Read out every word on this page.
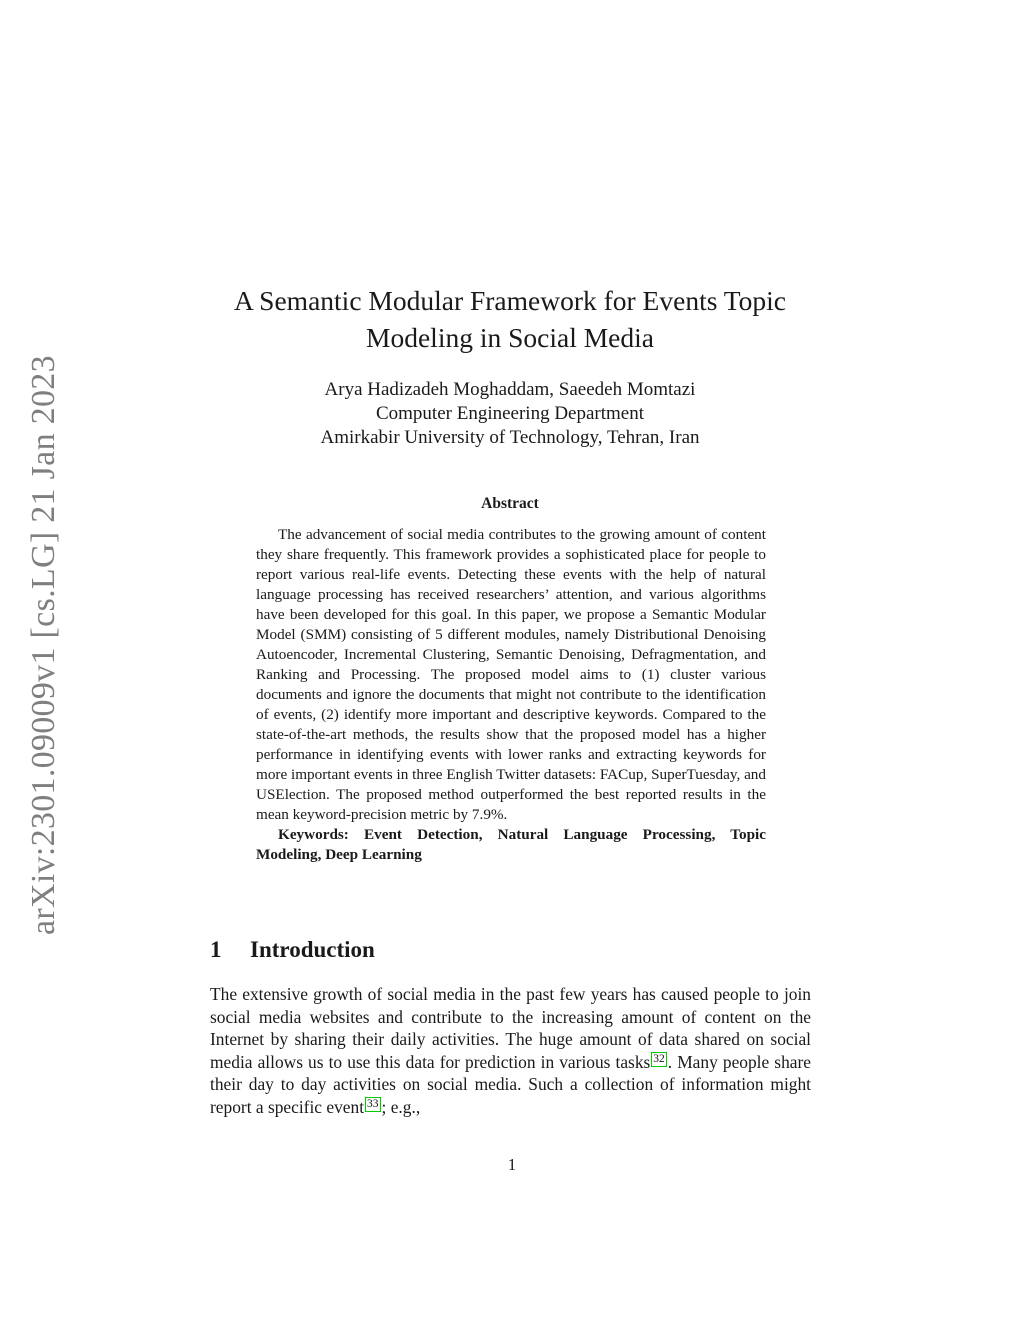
arXiv:2301.09009v1 [cs.LG] 21 Jan 2023
A Semantic Modular Framework for Events Topic
Modeling in Social Media
Arya Hadizadeh Moghaddam, Saeedeh Momtazi
Computer Engineering Department
Amirkabir University of Technology, Tehran, Iran
Abstract

The advancement of social media contributes to the growing amount of content they share frequently. This framework provides a sophisticated place for people to report various real-life events. Detecting these events with the help of natural language processing has received researchers’ attention, and various algorithms have been developed for this goal. In this paper, we propose a Semantic Modular Model (SMM) consisting of 5 different modules, namely Distributional Denoising Autoencoder, Incremental Clustering, Semantic Denoising, Defragmentation, and Ranking and Processing. The proposed model aims to (1) cluster various documents and ignore the documents that might not contribute to the identification of events, (2) identify more important and descriptive keywords. Compared to the state-of-the-art methods, the results show that the proposed model has a higher performance in identifying events with lower ranks and extracting keywords for more important events in three English Twitter datasets: FACup, SuperTuesday, and USElection. The proposed method outperformed the best reported results in the mean keyword-precision metric by 7.9%.

Keywords: Event Detection, Natural Language Processing, Topic Modeling, Deep Learning

1 Introduction

The extensive growth of social media in the past few years has caused people to join social media websites and contribute to the increasing amount of content on the Internet by sharing their daily activities. The huge amount of data shared on social media allows us to use this data for prediction in various tasks 32 . Many people share their day to day activities on social media. Such a collection of information might report a specific event 33 ; e.g.,

1
